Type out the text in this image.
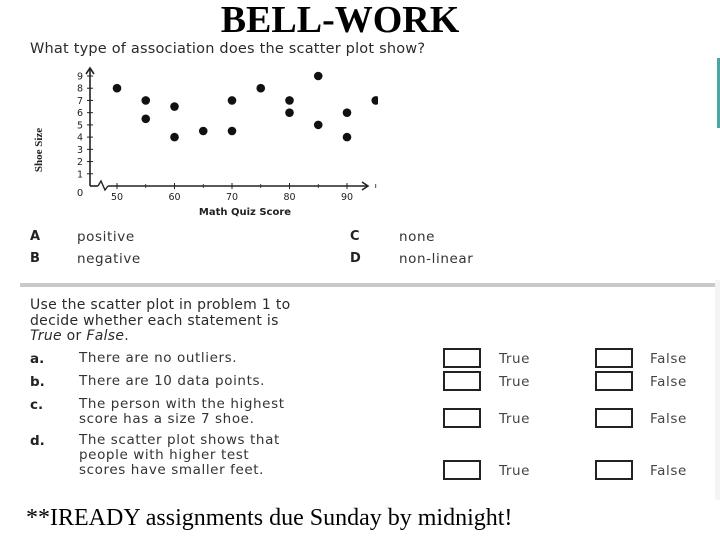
BELL-WORK
What type of association does the scatter plot show?
1
2
3
4
5
6
7
8
9
50	60	70	80	90
Shoe Size
Math Quiz Score
0
A	positive
B	negative
C	none
D	non-linear
Use the scatter plot in problem 1 to
decide whether each statement is
True or False.
a.	There are no outliers.	True	False
b.	There are 10 data points.	True	False
c.	The person with the highest
score has a size 7 shoe.	True	False
d.	The scatter plot shows that
people with higher test
scores have smaller feet.	True	False
**IREADY assignments due Sunday by midnight!
